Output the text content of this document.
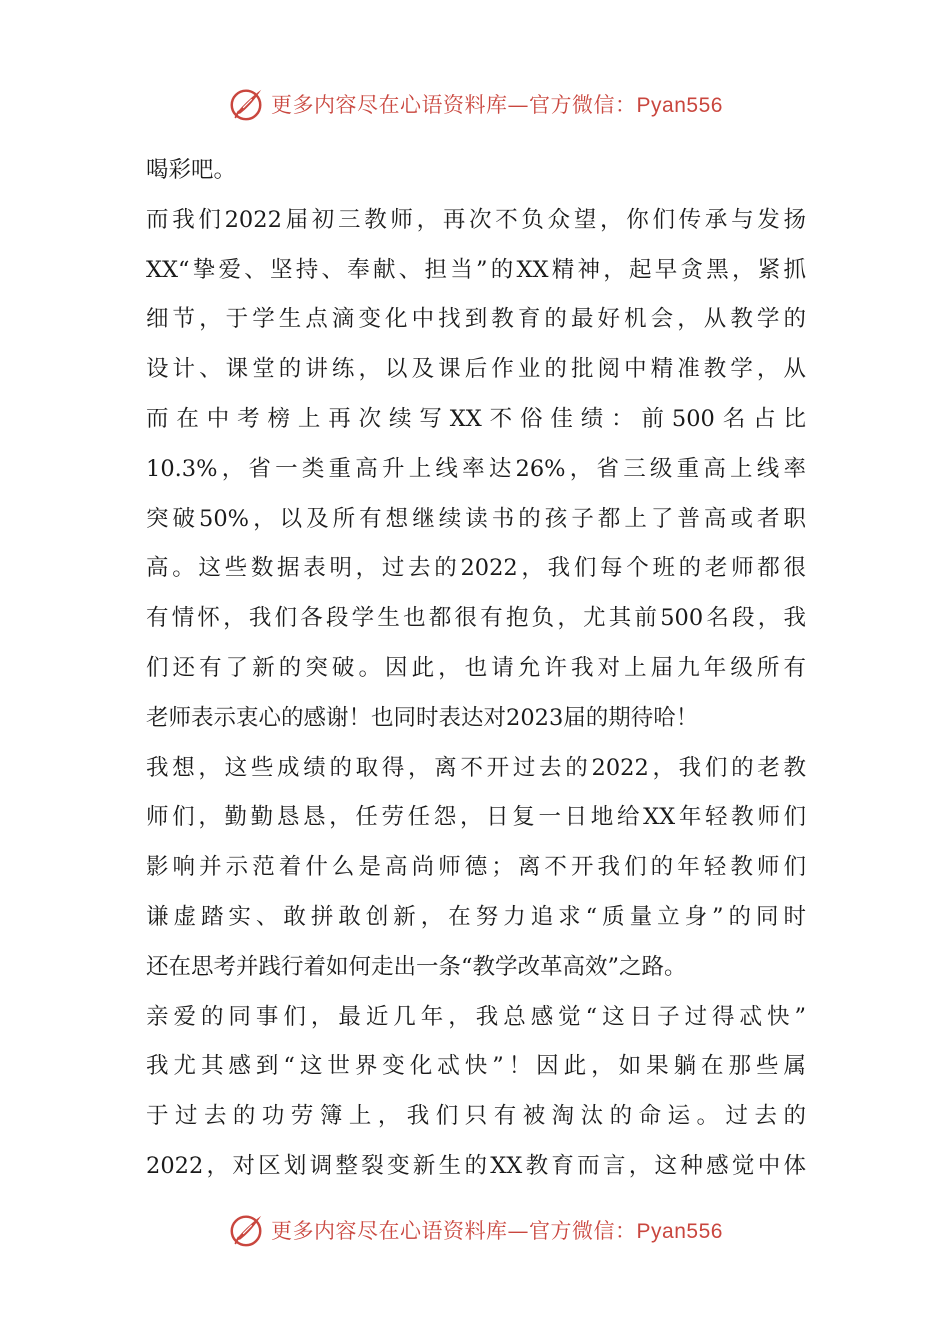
更多内容尽在心语资料库—官方微信：Pyan556
喝彩吧。
而我们2022届初三教师，再次不负众望，你们传承与发扬
XX“挚爱、坚持、奉献、担当”的XX精神，起早贪黑，紧抓
细节，于学生点滴变化中找到教育的最好机会，从教学的
设计、课堂的讲练，以及课后作业的批阅中精准教学，从
而在中考榜上再次续写XX不俗佳绩：前500名占比
10.3%，省一类重高升上线率达26%，省三级重高上线率
突破50%，以及所有想继续读书的孩子都上了普高或者职
高。这些数据表明，过去的2022，我们每个班的老师都很
有情怀，我们各段学生也都很有抱负，尤其前500名段，我
们还有了新的突破。因此，也请允许我对上届九年级所有
老师表示衷心的感谢！也同时表达对2023届的期待哈！
我想，这些成绩的取得，离不开过去的2022，我们的老教
师们，勤勤恳恳，任劳任怨，日复一日地给XX年轻教师们
影响并示范着什么是高尚师德；离不开我们的年轻教师们
谦虚踏实、敢拼敢创新，在努力追求“质量立身”的同时
还在思考并践行着如何走出一条“教学改革高效”之路。
亲爱的同事们，最近几年，我总感觉“这日子过得忒快”
我尤其感到“这世界变化忒快”！因此，如果躺在那些属
于过去的功劳簿上，我们只有被淘汰的命运。过去的
2022，对区划调整裂变新生的XX教育而言，这种感觉中体
更多内容尽在心语资料库—官方微信：Pyan556
